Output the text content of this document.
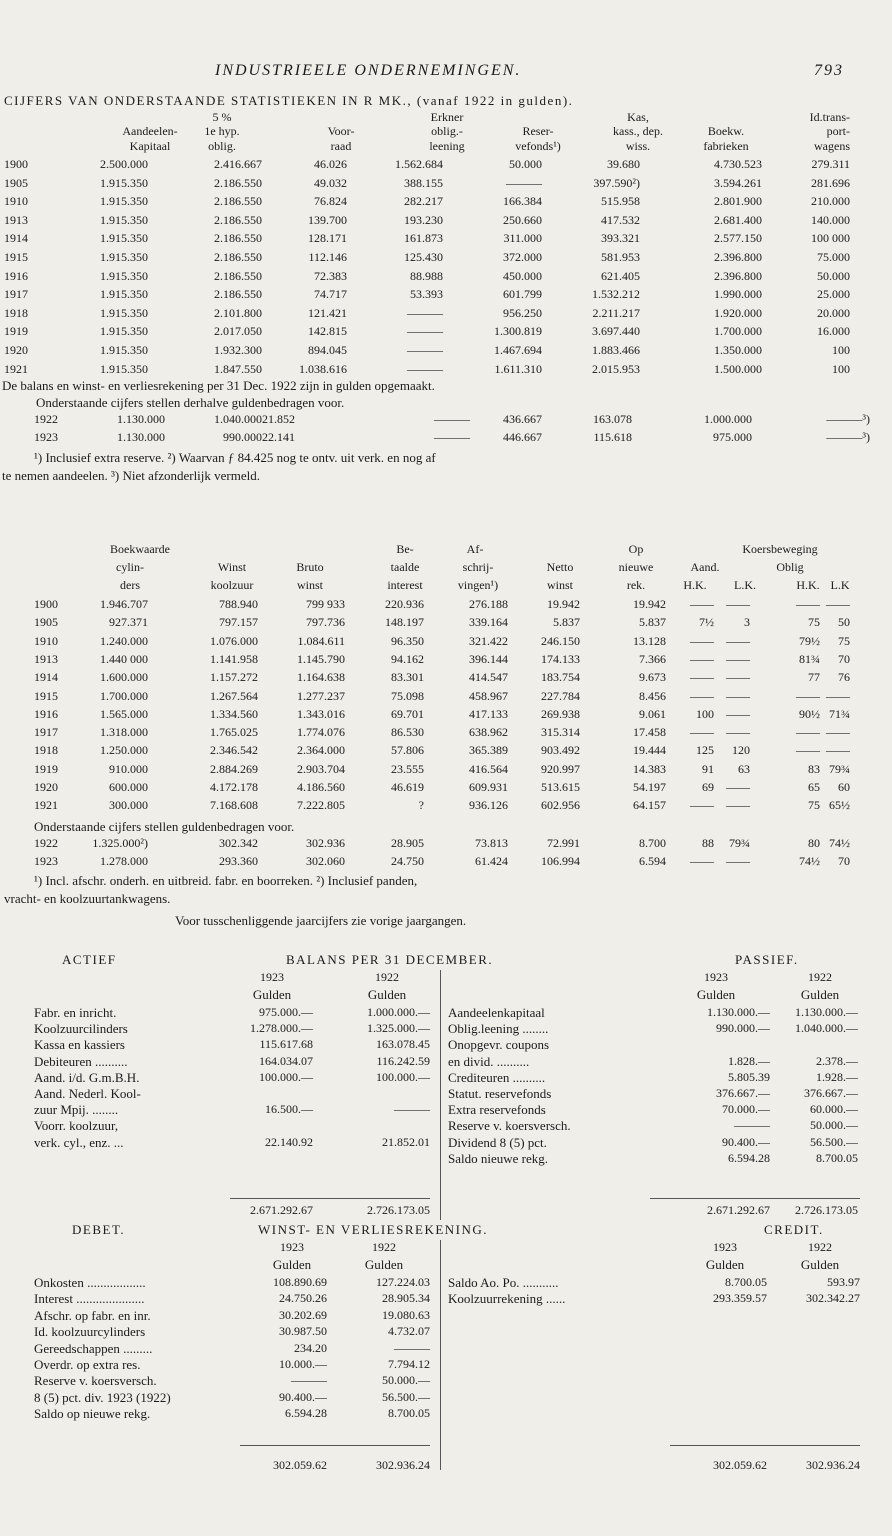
INDUSTRIEELE ONDERNEMINGEN.	793
CIJFERS VAN ONDERSTAANDE STATISTIEKEN IN R MK., (vanaf 1922 in gulden).
5 %	Erkner	Kas,	Id.trans-
Aandeelen-	1e hyp.	Voor-	oblig.-	Reser-	kass., dep.	Boekw.	port-
Kapitaal	oblig.	raad	leening	vefonds¹)	wiss.	fabrieken	wagens
1900	2.500.000	2.416.667	46.026	1.562.684	50.000	39.680	4.730.523	279.311
1905	1.915.350	2.186.550	49.032	388.155	———	397.590²)	3.594.261	281.696
1910	1.915.350	2.186.550	76.824	282.217	166.384	515.958	2.801.900	210.000
1913	1.915.350	2.186.550	139.700	193.230	250.660	417.532	2.681.400	140.000
1914	1.915.350	2.186.550	128.171	161.873	311.000	393.321	2.577.150	100 000
1915	1.915.350	2.186.550	112.146	125.430	372.000	581.953	2.396.800	75.000
1916	1.915.350	2.186.550	72.383	88.988	450.000	621.405	2.396.800	50.000
1917	1.915.350	2.186.550	74.717	53.393	601.799	1.532.212	1.990.000	25.000
1918	1.915.350	2.101.800	121.421	———	956.250	2.211.217	1.920.000	20.000
1919	1.915.350	2.017.050	142.815	———	1.300.819	3.697.440	1.700.000	16.000
1920	1.915.350	1.932.300	894.045	———	1.467.694	1.883.466	1.350.000	100
1921	1.915.350	1.847.550	1.038.616	———	1.611.310	2.015.953	1.500.000	100
De balans en winst- en verliesrekening per 31 Dec. 1922 zijn in gulden opgemaakt.
Onderstaande cijfers stellen derhalve guldenbedragen voor.
1922	1.130.000	1.040.000 21.852	———	436.667	163.078	1.000.000	———³)
1923	1.130.000	990.000 22.141	———	446.667	115.618	975.000	———³)
¹) Inclusief extra reserve. ²) Waarvan ƒ 84.425 nog te ontv. uit verk. en nog af
te nemen aandeelen. ³) Niet afzonderlijk vermeld.
Boekwaarde	Be-	Af-	Op	Koersbeweging
cylin-	Winst	Bruto	taalde	schrij-	Netto	nieuwe	Aand.	Oblig
ders	koolzuur	winst	interest	vingen¹)	winst	rek.	H.K.	L.K.	H.K. L.K
1900	1.946.707	788.940	799 933	220.936	276.188	19.942	19.942 —— ——	—— ——
1905	927.371	797.157	797.736	148.197	339.164	5.837	5.837	7½	3	75 50
1910	1.240.000	1.076.000	1.084.611	96.350	321.422	246.150	13.128 —— ——	79½ 75
1913	1.440 000	1.141.958	1.145.790	94.162	396.144	174.133	7.366 —— ——	81¾ 70
1914	1.600.000	1.157.272	1.164.638	83.301	414.547	183.754	9.673 —— ——	77 76
1915	1.700.000	1.267.564	1.277.237	75.098	458.967	227.784	8.456 —— ——	—— ——
1916	1.565.000	1.334.560	1.343.016	69.701	417.133	269.938	9.061	100 ——	90½ 71¾
1917	1.318.000	1.765.025	1.774.076	86.530	638.962	315.314	17.458 —— ——	—— ——
1918	1.250.000	2.346.542	2.364.000	57.806	365.389	903.492	19.444	125 120	—— ——
1919	910.000	2.884.269	2.903.704	23.555	416.564	920.997	14.383	91 63	83 79¾
1920	600.000	4.172.178	4.186.560	46.619	609.931	513.615	54.197	69 ——	65 60
1921	300.000	7.168.608	7.222.805	?	936.126	602.956	64.157 —— ——	75 65½
Onderstaande cijfers stellen guldenbedragen voor.
1922	1.325.000²)	302.342	302.936	28.905	73.813	72.991	8.700	88 79¾	80 74½
1923	1.278.000	293.360	302.060	24.750	61.424	106.994	6.594 —— ——	74½ 70
¹) Incl. afschr. onderh. en uitbreid. fabr. en boorreken. ²) Inclusief panden,
vracht- en koolzuurtankwagens.
Voor tusschenliggende jaarcijfers zie vorige jaargangen.
ACTIEF	BALANS PER 31 DECEMBER.	PASSIEF.
1923	1922	1923	1922
Gulden	Gulden	Gulden	Gulden
Fabr. en inricht.	975.000.—	1.000.000.—
Koolzuurcilinders	1.278.000.—	1.325.000.—
Kassa en kassiers	115.617.68	163.078.45
Debiteuren ..........	164.034.07	116.242.59
Aand. i/d. G.m.B.H.	100.000.—	100.000.—
Aand. Nederl. Kool-
zuur Mpij. ........	16.500.—	———
Voorr. koolzuur,
verk. cyl., enz. ...	22.140.92	21.852.01
Aandeelenkapitaal	1.130.000.— 1.130.000.—
Oblig.leening ........	990.000.— 1.040.000.—
Onopgevr. coupons
en divid. ..........	1.828.—	2.378.—
Crediteuren ..........	5.805.39	1.928.—
Statut. reservefonds	376.667.—	376.667.—
Extra reservefonds	70.000.—	60.000.—
Reserve v. koersversch.	———	50.000.—
Dividend 8 (5) pct.	90.400.—	56.500.—
Saldo nieuwe rekg.	6.594.28	8.700.05
2.671.292.67	2.726.173.05	2.671.292.67 2.726.173.05
DEBET.	WINST- EN VERLIESREKENING.	CREDIT.
1923	1922	1923	1922
Gulden	Gulden	Gulden	Gulden
Onkosten ..................	108.890.69	127.224.03
Interest .....................	24.750.26	28.905.34
Afschr. op fabr. en inr.	30.202.69	19.080.63
Id. koolzuurcylinders	30.987.50	4.732.07
Gereedschappen .........	234.20	———
Overdr. op extra res.	10.000.—	7.794.12
Reserve v. koersversch.	———	50.000.—
8 (5) pct. div. 1923 (1922)	90.400.—	56.500.—
Saldo op nieuwe rekg.	6.594.28	8.700.05
Saldo Ao. Po. ...........	8.700.05	593.97
Koolzuurrekening ......	293.359.57	302.342.27
302.059.62	302.936.24	302.059.62	302.936.24
